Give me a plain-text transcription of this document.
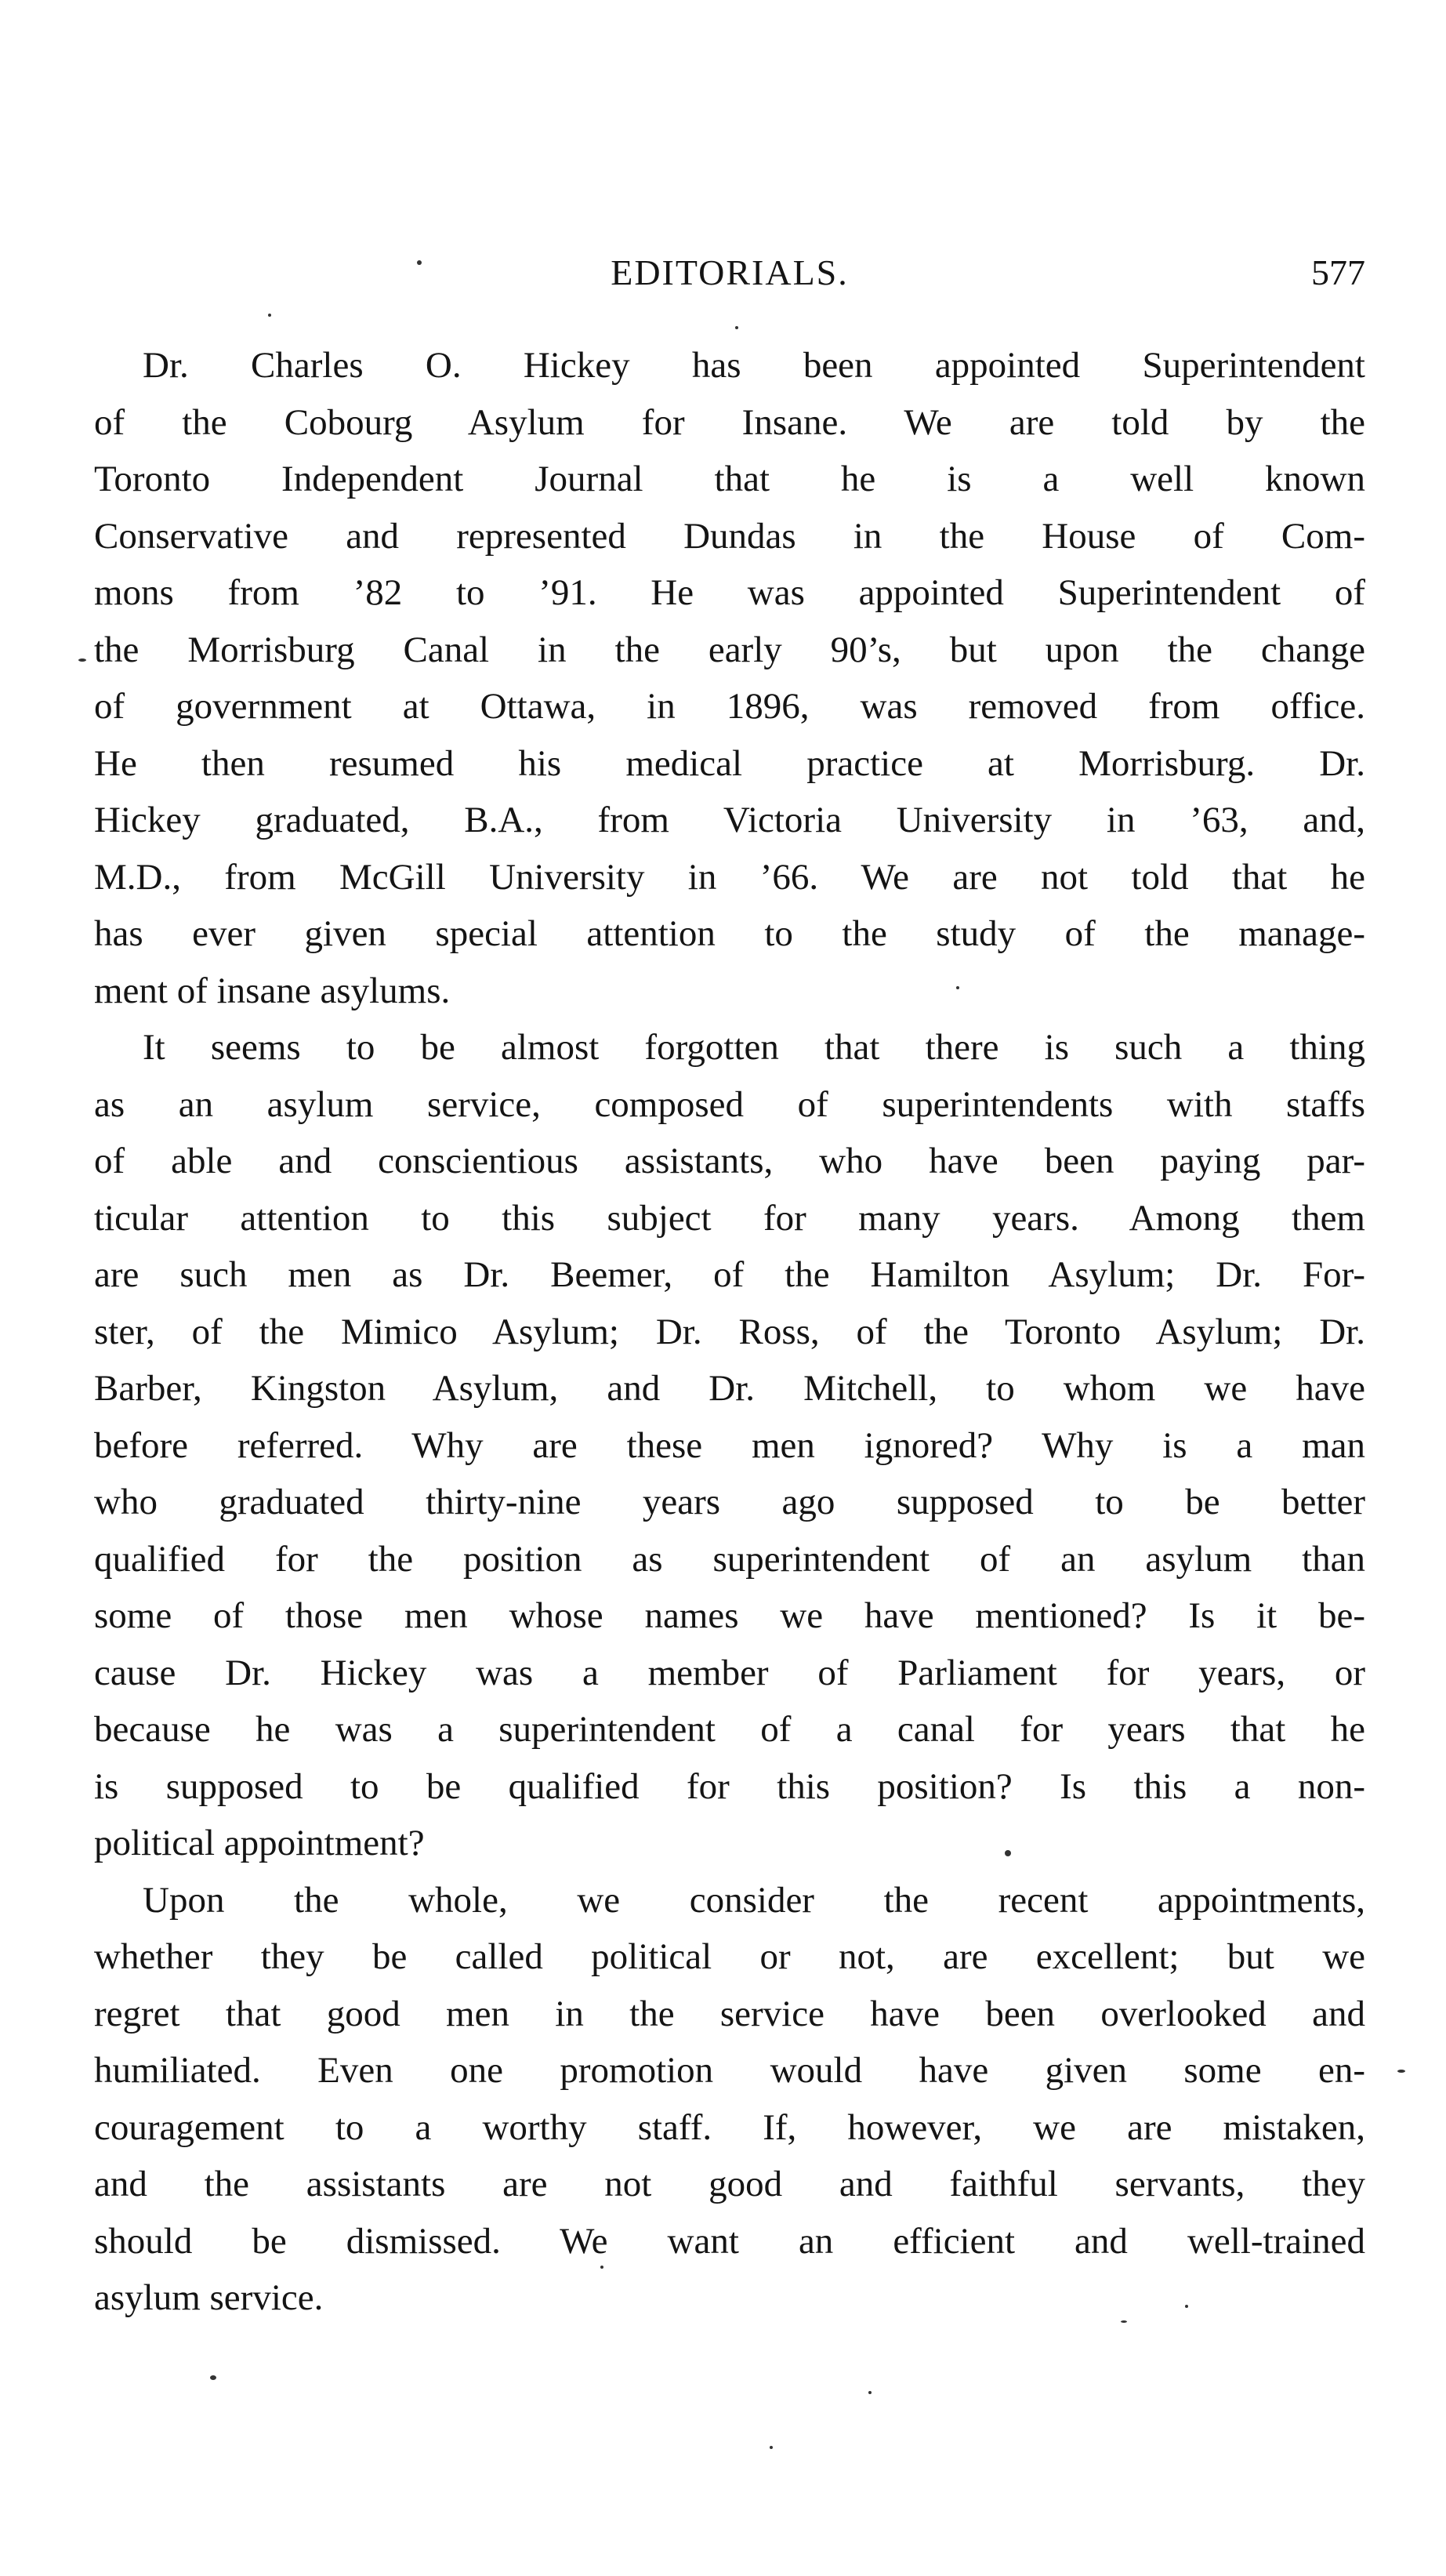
EDITORIALS.	577
Dr. Charles O. Hickey has been appointed Superintendent
of the Cobourg Asylum for Insane. We are told by the
Toronto Independent Journal that he is a well known
Conservative and represented Dundas in the House of Com-
mons from ’82 to ’91. He was appointed Superintendent of
the Morrisburg Canal in the early 90’s, but upon the change
of government at Ottawa, in 1896, was removed from office.
He then resumed his medical practice at Morrisburg. Dr.
Hickey graduated, B.A., from Victoria University in ’63, and,
M.D., from McGill University in ’66. We are not told that he
has ever given special attention to the study of the manage-
ment of insane asylums.
It seems to be almost forgotten that there is such a thing
as an asylum service, composed of superintendents with staffs
of able and conscientious assistants, who have been paying par-
ticular attention to this subject for many years. Among them
are such men as Dr. Beemer, of the Hamilton Asylum; Dr. For-
ster, of the Mimico Asylum; Dr. Ross, of the Toronto Asylum; Dr.
Barber, Kingston Asylum, and Dr. Mitchell, to whom we have
before referred. Why are these men ignored? Why is a man
who graduated thirty-nine years ago supposed to be better
qualified for the position as superintendent of an asylum than
some of those men whose names we have mentioned? Is it be-
cause Dr. Hickey was a member of Parliament for years, or
because he was a superintendent of a canal for years that he
is supposed to be qualified for this position? Is this a non-
political appointment?
Upon the whole, we consider the recent appointments,
whether they be called political or not, are excellent; but we
regret that good men in the service have been overlooked and
humiliated. Even one promotion would have given some en-
couragement to a worthy staff. If, however, we are mistaken,
and the assistants are not good and faithful servants, they
should be dismissed. We want an efficient and well-trained
asylum service.
